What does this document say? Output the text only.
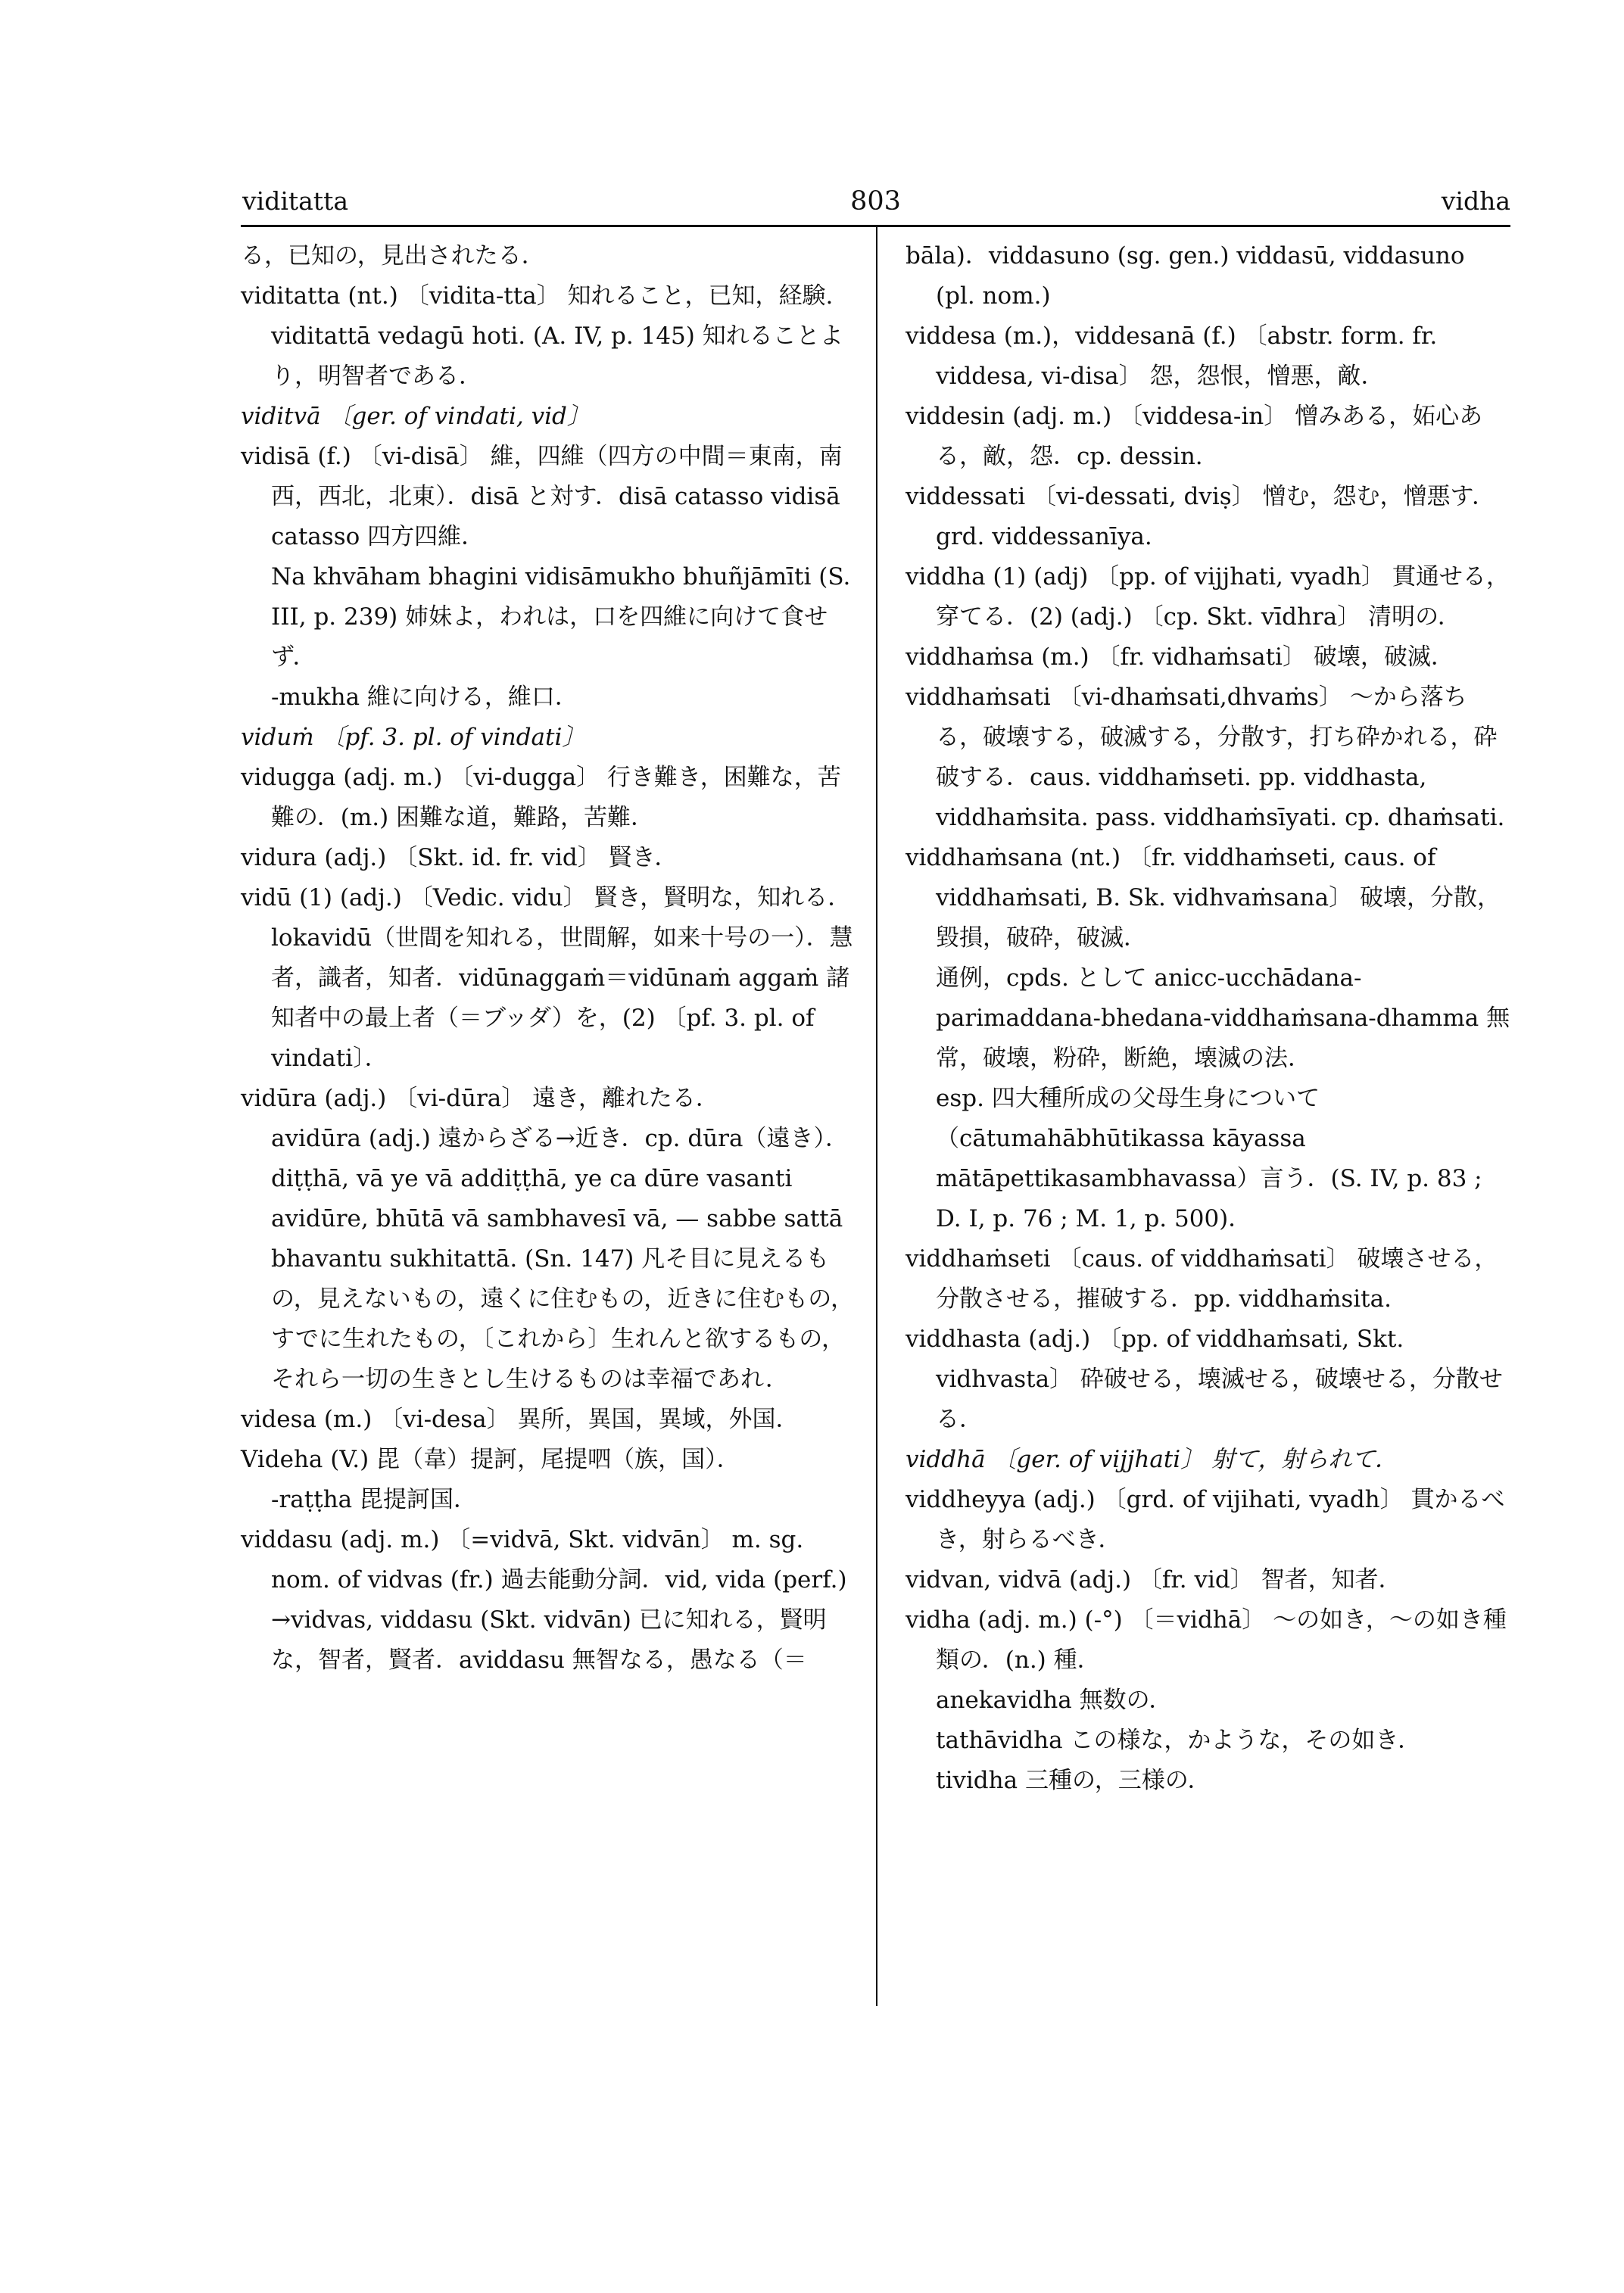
viditatta	803	vidha

る，已知の，見出されたる．

viditatta (nt.) 〔vidita-tta〕 知れること，已知，経験.

viditattā vedagū hoti. (A. IV, p. 145) 知れることより，明智者である．

viditvā 〔ger. of vindati, vid〕

vidisā (f.) 〔vi-disā〕 維，四維（四方の中間＝東南，南西，西北，北東）．disā と対す．disā catasso vidisā catasso 四方四維．

Na khvāham bhagini vidisāmukho bhuñjāmīti (S. III, p. 239) 姉妹よ，われは，口を四維に向けて食せず．

-mukha 維に向ける，維口．

viduṁ 〔pf. 3. pl. of vindati〕

vidugga (adj. m.) 〔vi-dugga〕 行き難き，困難な，苦難の．(m.) 困難な道，難路，苦難．

vidura (adj.) 〔Skt. id. fr. vid〕 賢き．

vidū (1) (adj.) 〔Vedic. vidu〕 賢き，賢明な，知れる．lokavidū（世間を知れる，世間解，如来十号の一）．慧者，識者，知者．vidūnaggaṁ＝vidūnaṁ aggaṁ 諸知者中の最上者（＝ブッダ）を，(2) 〔pf. 3. pl. of vindati〕．

vidūra (adj.) 〔vi-dūra〕 遠き，離れたる．

avidūra (adj.) 遠からざる→近き．cp. dūra（遠き）．

diṭṭhā, vā ye vā addiṭṭhā, ye ca dūre vasanti avidūre, bhūtā vā sambhavesī vā, — sabbe sattā bhavantu sukhitattā. (Sn. 147) 凡そ目に見えるもの，見えないもの，遠くに住むもの，近きに住むもの，すでに生れたもの，〔これから〕生れんと欲するもの，それら一切の生きとし生けるものは幸福であれ．

videsa (m.) 〔vi-desa〕 異所，異国，異域，外国．

Videha (V.) 毘（韋）提訶，尾提呬（族，国）．

-raṭṭha 毘提訶国．

viddasu (adj. m.) 〔=vidvā, Skt. vidvān〕 m. sg. nom. of vidvas (fr.) 過去能動分詞．vid, vida (perf.) →vidvas, viddasu (Skt. vidvān) 已に知れる，賢明な，智者，賢者．aviddasu 無智なる，愚なる（＝

bāla)．viddasuno (sg. gen.) viddasū, viddasuno (pl. nom.)

viddesa (m.)，viddesanā (f.) 〔abstr. form. fr. viddesa, vi-disa〕 怨，怨恨，憎悪，敵．

viddesin (adj. m.) 〔viddesa-in〕 憎みある，妬心ある，敵，怨．cp. dessin.

viddessati 〔vi-dessati, dviṣ〕 憎む，怨む，憎悪す．grd. viddessanīya.

viddha (1) (adj) 〔pp. of vijjhati, vyadh〕 貫通せる，穿てる．(2) (adj.) 〔cp. Skt. vīdhra〕 清明の．

viddhaṁsa (m.) 〔fr. vidhaṁsati〕 破壊，破滅．

viddhaṁsati 〔vi-dhaṁsati,dhvaṁs〕 〜から落ちる，破壊する，破滅する，分散す，打ち砕かれる，砕破する．caus. viddhaṁseti. pp. viddhasta, viddhaṁsita. pass. viddhaṁsīyati. cp. dhaṁsati.

viddhaṁsana (nt.) 〔fr. viddhaṁseti, caus. of viddhaṁsati, B. Sk. vidhvaṁsana〕 破壊，分散，毀損，破砕，破滅．

通例，cpds. として anicc-ucchādana-parimaddana-bhedana-viddhaṁsana-dhamma 無常，破壊，粉砕，断絶，壊滅の法．

esp. 四大種所成の父母生身について（cātumahābhūtikassa kāyassa mātāpettikasambhavassa）言う．(S. IV, p. 83 ; D. I, p. 76 ; M. 1, p. 500)．

viddhaṁseti 〔caus. of viddhaṁsati〕 破壊させる，分散させる，摧破する．pp. viddhaṁsita.

viddhasta (adj.) 〔pp. of viddhaṁsati, Skt. vidhvasta〕 砕破せる，壊滅せる，破壊せる，分散せる．

viddhā 〔ger. of vijjhati〕 射て，射られて．

viddheyya (adj.) 〔grd. of vijihati, vyadh〕 貫かるべき，射らるべき．

vidvan, vidvā (adj.) 〔fr. vid〕 智者，知者．

vidha (adj. m.) (-°) 〔＝vidhā〕 〜の如き，〜の如き種類の．(n.) 種．

anekavidha 無数の．

tathāvidha この様な，かような，その如き．

tividha 三種の，三様の．
